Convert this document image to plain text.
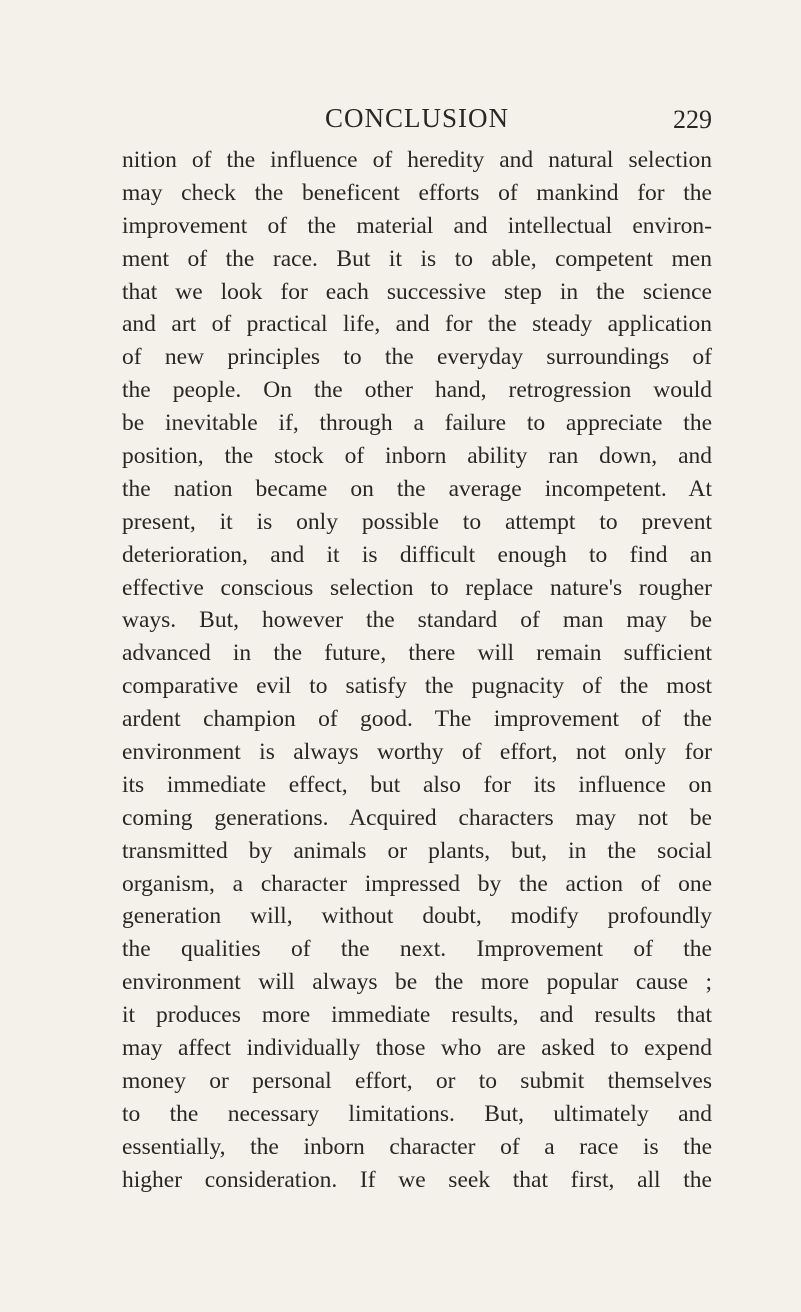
CONCLUSION	229
nition of the influence of heredity and natural selection
may check the beneficent efforts of mankind for the
improvement of the material and intellectual environ-
ment of the race. But it is to able, competent men
that we look for each successive step in the science
and art of practical life, and for the steady application
of new principles to the everyday surroundings of
the people. On the other hand, retrogression would
be inevitable if, through a failure to appreciate the
position, the stock of inborn ability ran down, and
the nation became on the average incompetent. At
present, it is only possible to attempt to prevent
deterioration, and it is difficult enough to find an
effective conscious selection to replace nature's rougher
ways. But, however the standard of man may be
advanced in the future, there will remain sufficient
comparative evil to satisfy the pugnacity of the most
ardent champion of good. The improvement of the
environment is always worthy of effort, not only for
its immediate effect, but also for its influence on
coming generations. Acquired characters may not be
transmitted by animals or plants, but, in the social
organism, a character impressed by the action of one
generation will, without doubt, modify profoundly
the qualities of the next. Improvement of the
environment will always be the more popular cause ;
it produces more immediate results, and results that
may affect individually those who are asked to expend
money or personal effort, or to submit themselves
to the necessary limitations. But, ultimately and
essentially, the inborn character of a race is the
higher consideration. If we seek that first, all the
